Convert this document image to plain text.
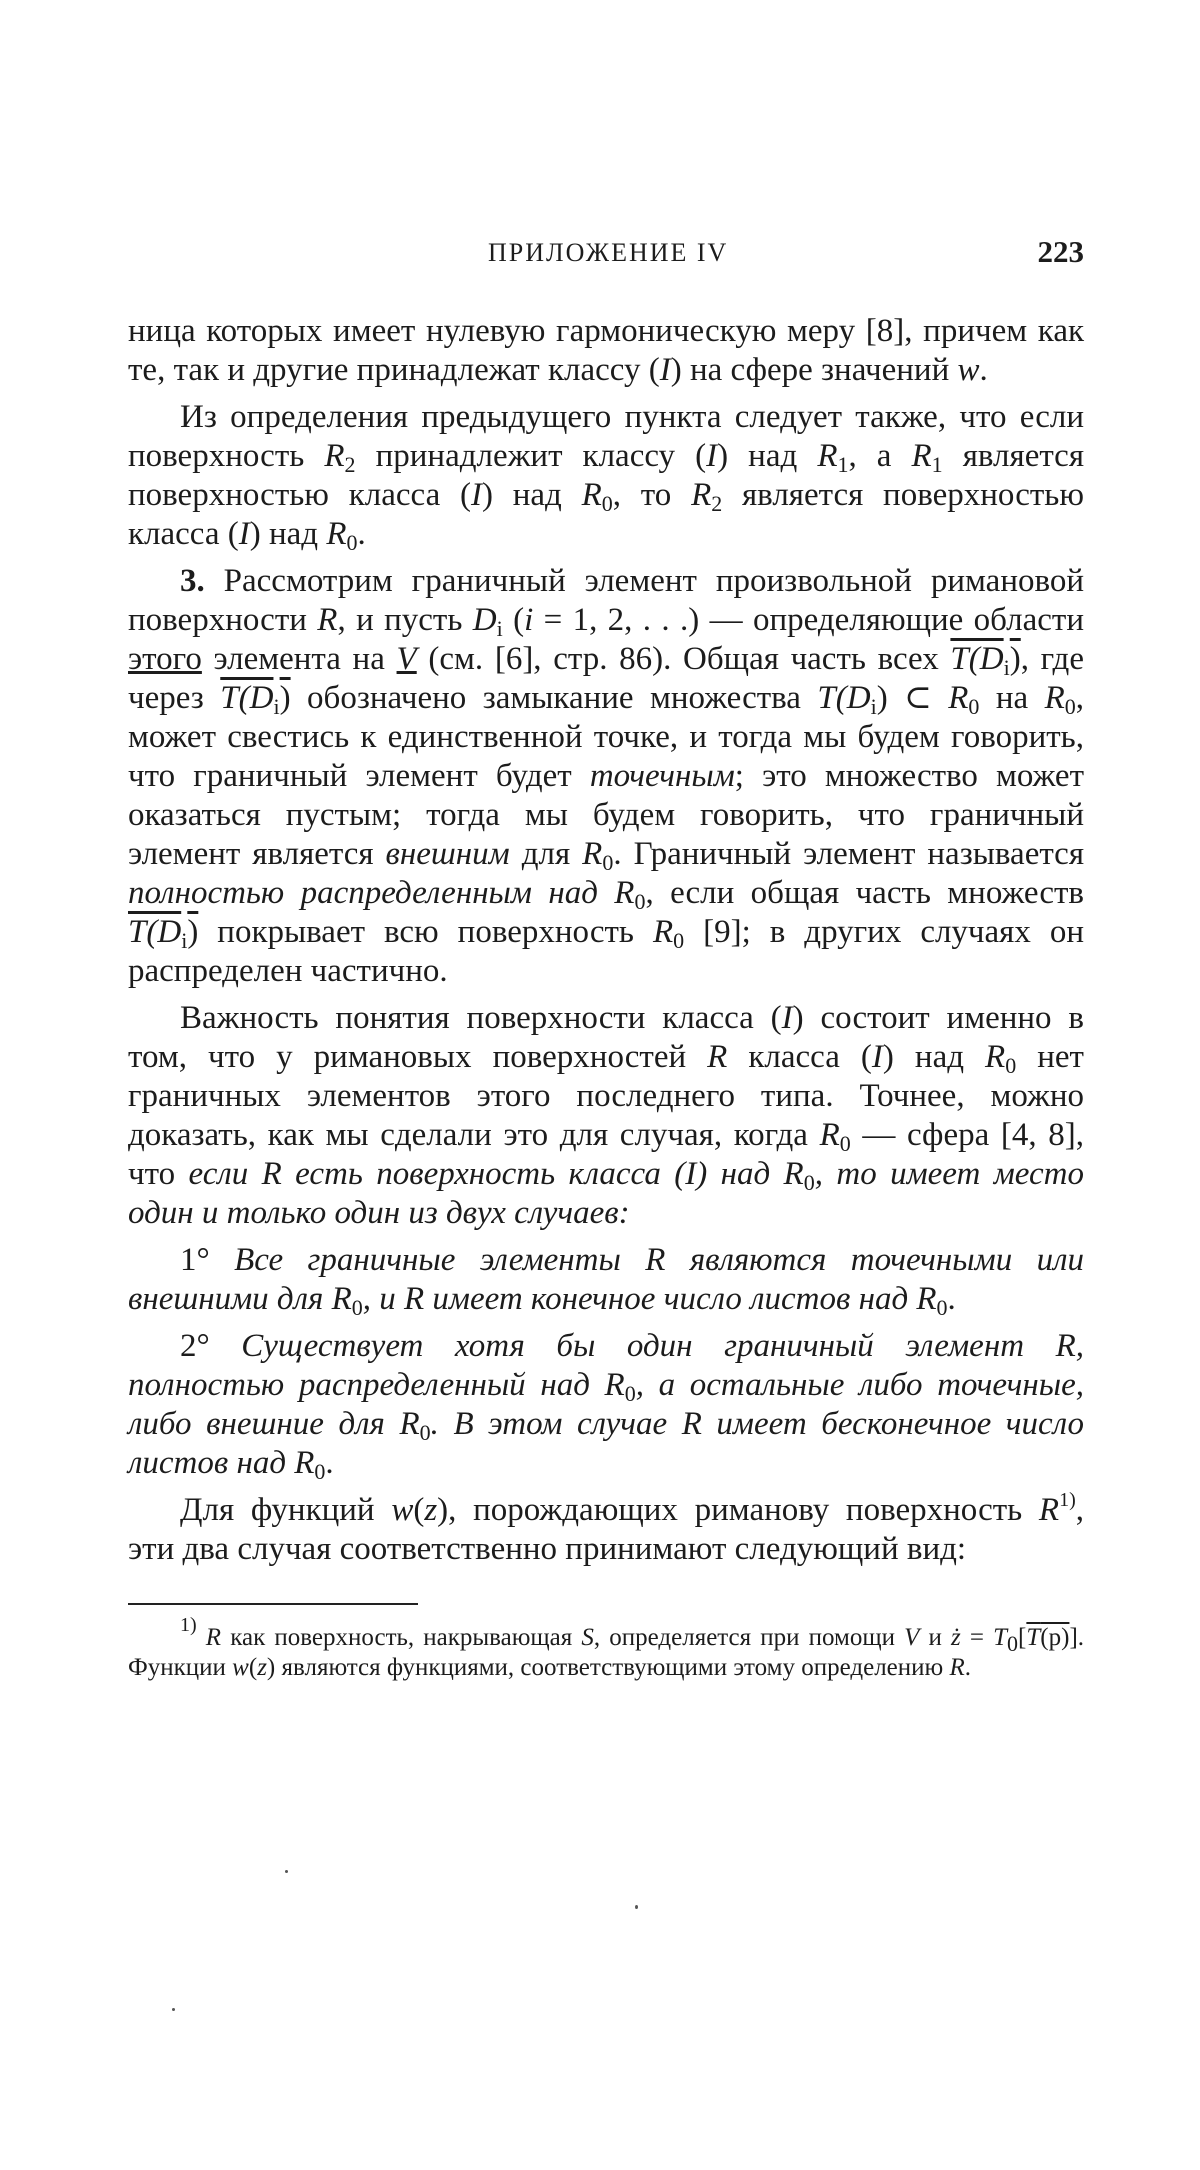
ПРИЛОЖЕНИЕ IV	223

ница которых имеет нулевую гармоническую меру [8], причем как те, так и другие принадлежат классу (I) на сфере значений w.

Из определения предыдущего пункта следует также, что если поверхность $R_2$ принадлежит классу (I) над $R_1$, а $R_1$ является поверхностью класса (I) над $R_0$, то $R_2$ является поверхностью класса (I) над $R_0$.

3. Рассмотрим граничный элемент произвольной римановой поверхности R, и пусть $D_i$ (i = 1, 2, . . .) — определяющие области этого элемента на V (см. [6], стр. 86). Общая часть всех $T(D_i)$, где через $T(D_i)$ обозначено замыкание множества $T(D_i)$ ⊂ $R_0$ на $R_0$, может свестись к единственной точке, и тогда мы будем говорить, что граничный элемент будет точечным; это множество может оказаться пустым; тогда мы будем говорить, что граничный элемент является внешним для $R_0$. Граничный элемент называется полностью распределенным над $R_0$, если общая часть множеств $T(D_i)$ покрывает всю поверхность $R_0$ [9]; в других случаях он распределен частично.

Важность понятия поверхности класса (I) состоит именно в том, что у римановых поверхностей R класса (I) над $R_0$ нет граничных элементов этого последнего типа. Точнее, можно доказать, как мы сделали это для случая, когда $R_0$ — сфера [4, 8], что если R есть поверхность класса (I) над $R_0$, то имеет место один и только один из двух случаев:

1° Все граничные элементы R являются точечными или внешними для $R_0$, и R имеет конечное число листов над $R_0$.

2° Существует хотя бы один граничный элемент R, полностью распределенный над $R_0$, а остальные либо точечные, либо внешние для $R_0$. В этом случае R имеет бесконечное число листов над $R_0$.

Для функций w(z), порождающих риманову поверхность $R^{1)}$, эти два случая соответственно принимают следующий вид:

$^{1)}$ R как поверхность, накрывающая S, определяется при помощи V и ż = $T_0[\overline{T}(p)]$. Функции w(z) являются функциями, соответствующими этому определению R.
